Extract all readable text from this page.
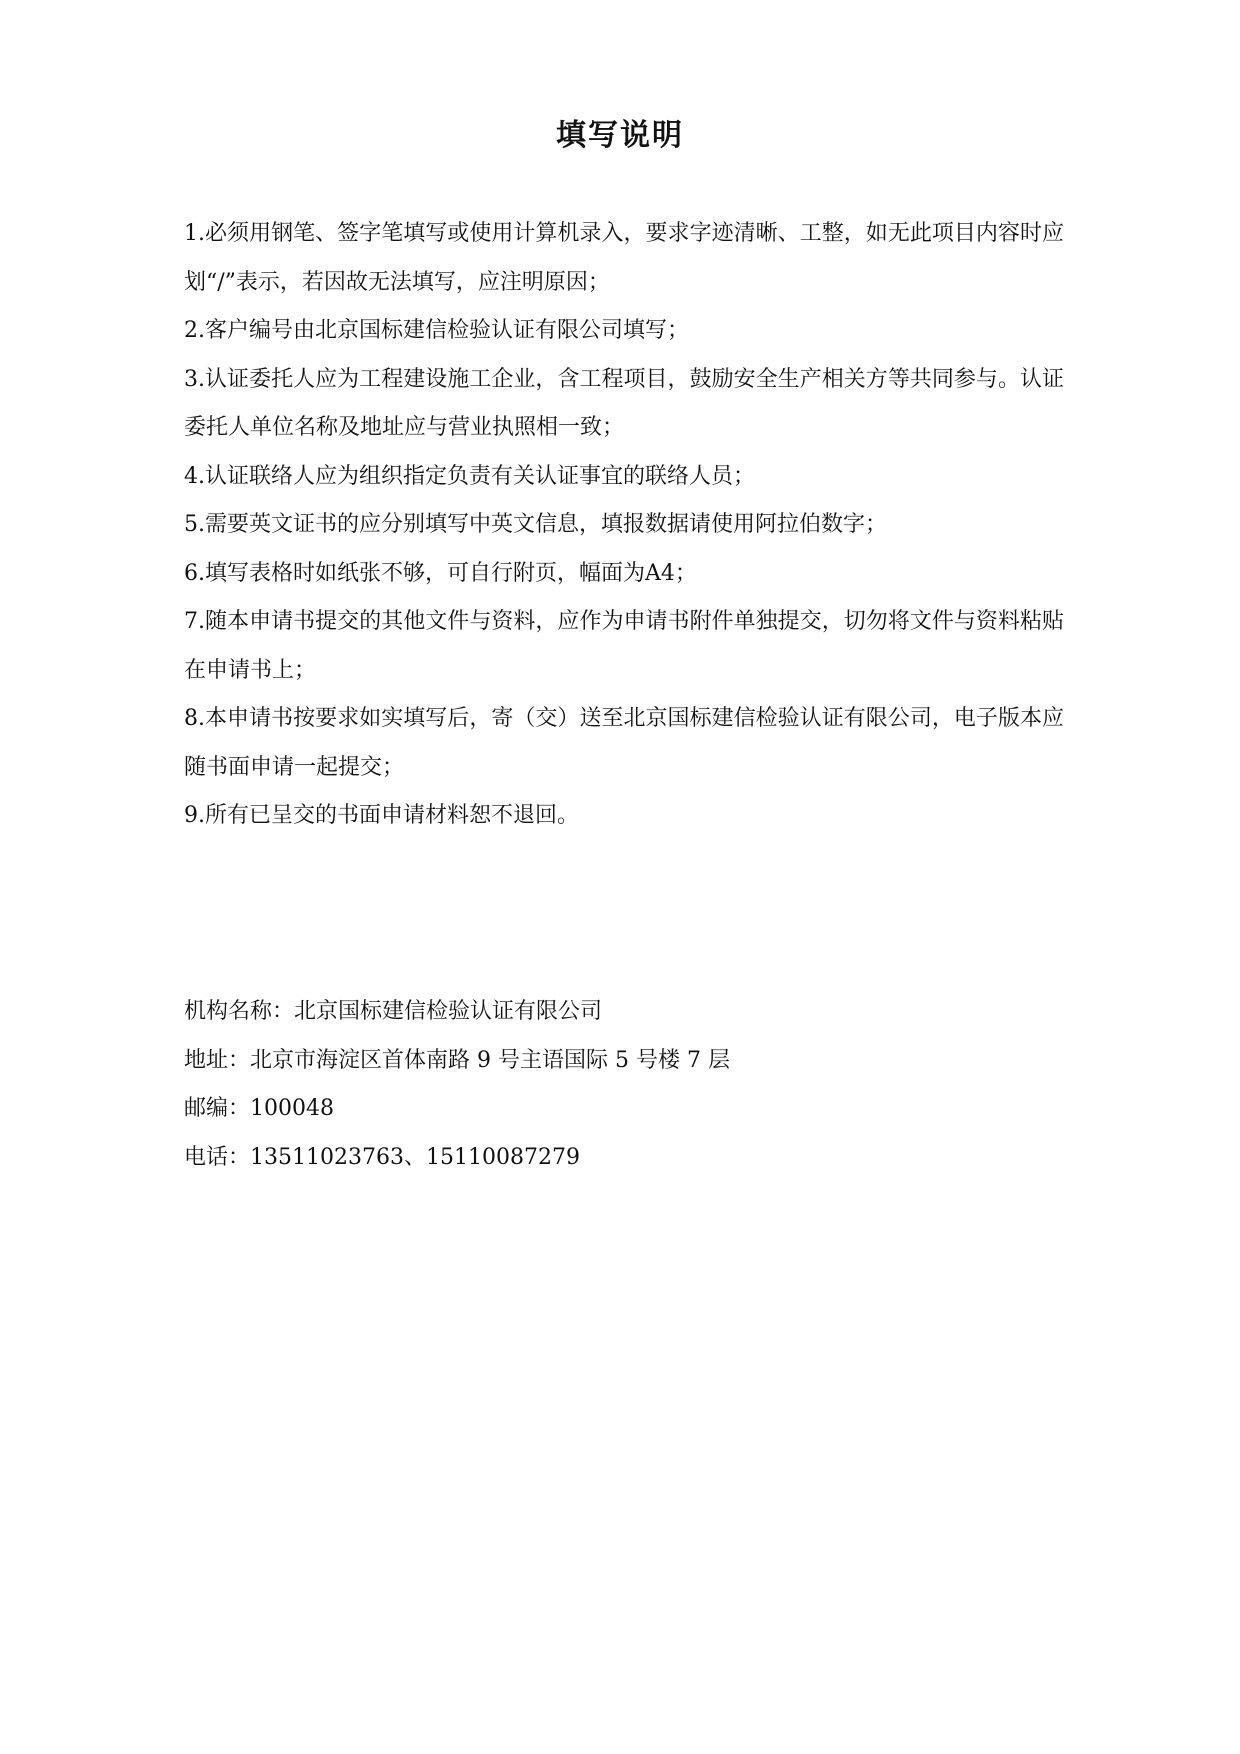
填写说明
1.必须用钢笔、签字笔填写或使用计算机录入，要求字迹清晰、工整，如无此项目内容时应划“/”表示，若因故无法填写，应注明原因；
2.客户编号由北京国标建信检验认证有限公司填写；
3.认证委托人应为工程建设施工企业，含工程项目，鼓励安全生产相关方等共同参与。认证委托人单位名称及地址应与营业执照相一致；
4.认证联络人应为组织指定负责有关认证事宜的联络人员；
5.需要英文证书的应分别填写中英文信息，填报数据请使用阿拉伯数字；
6.填写表格时如纸张不够，可自行附页，幅面为A4；
7.随本申请书提交的其他文件与资料，应作为申请书附件单独提交，切勿将文件与资料粘贴在申请书上；
8.本申请书按要求如实填写后，寄（交）送至北京国标建信检验认证有限公司，电子版本应随书面申请一起提交；
9.所有已呈交的书面申请材料恕不退回。
机构名称：北京国标建信检验认证有限公司
地址：北京市海淀区首体南路 9 号主语国际 5 号楼 7 层
邮编：100048
电话：13511023763、15110087279
